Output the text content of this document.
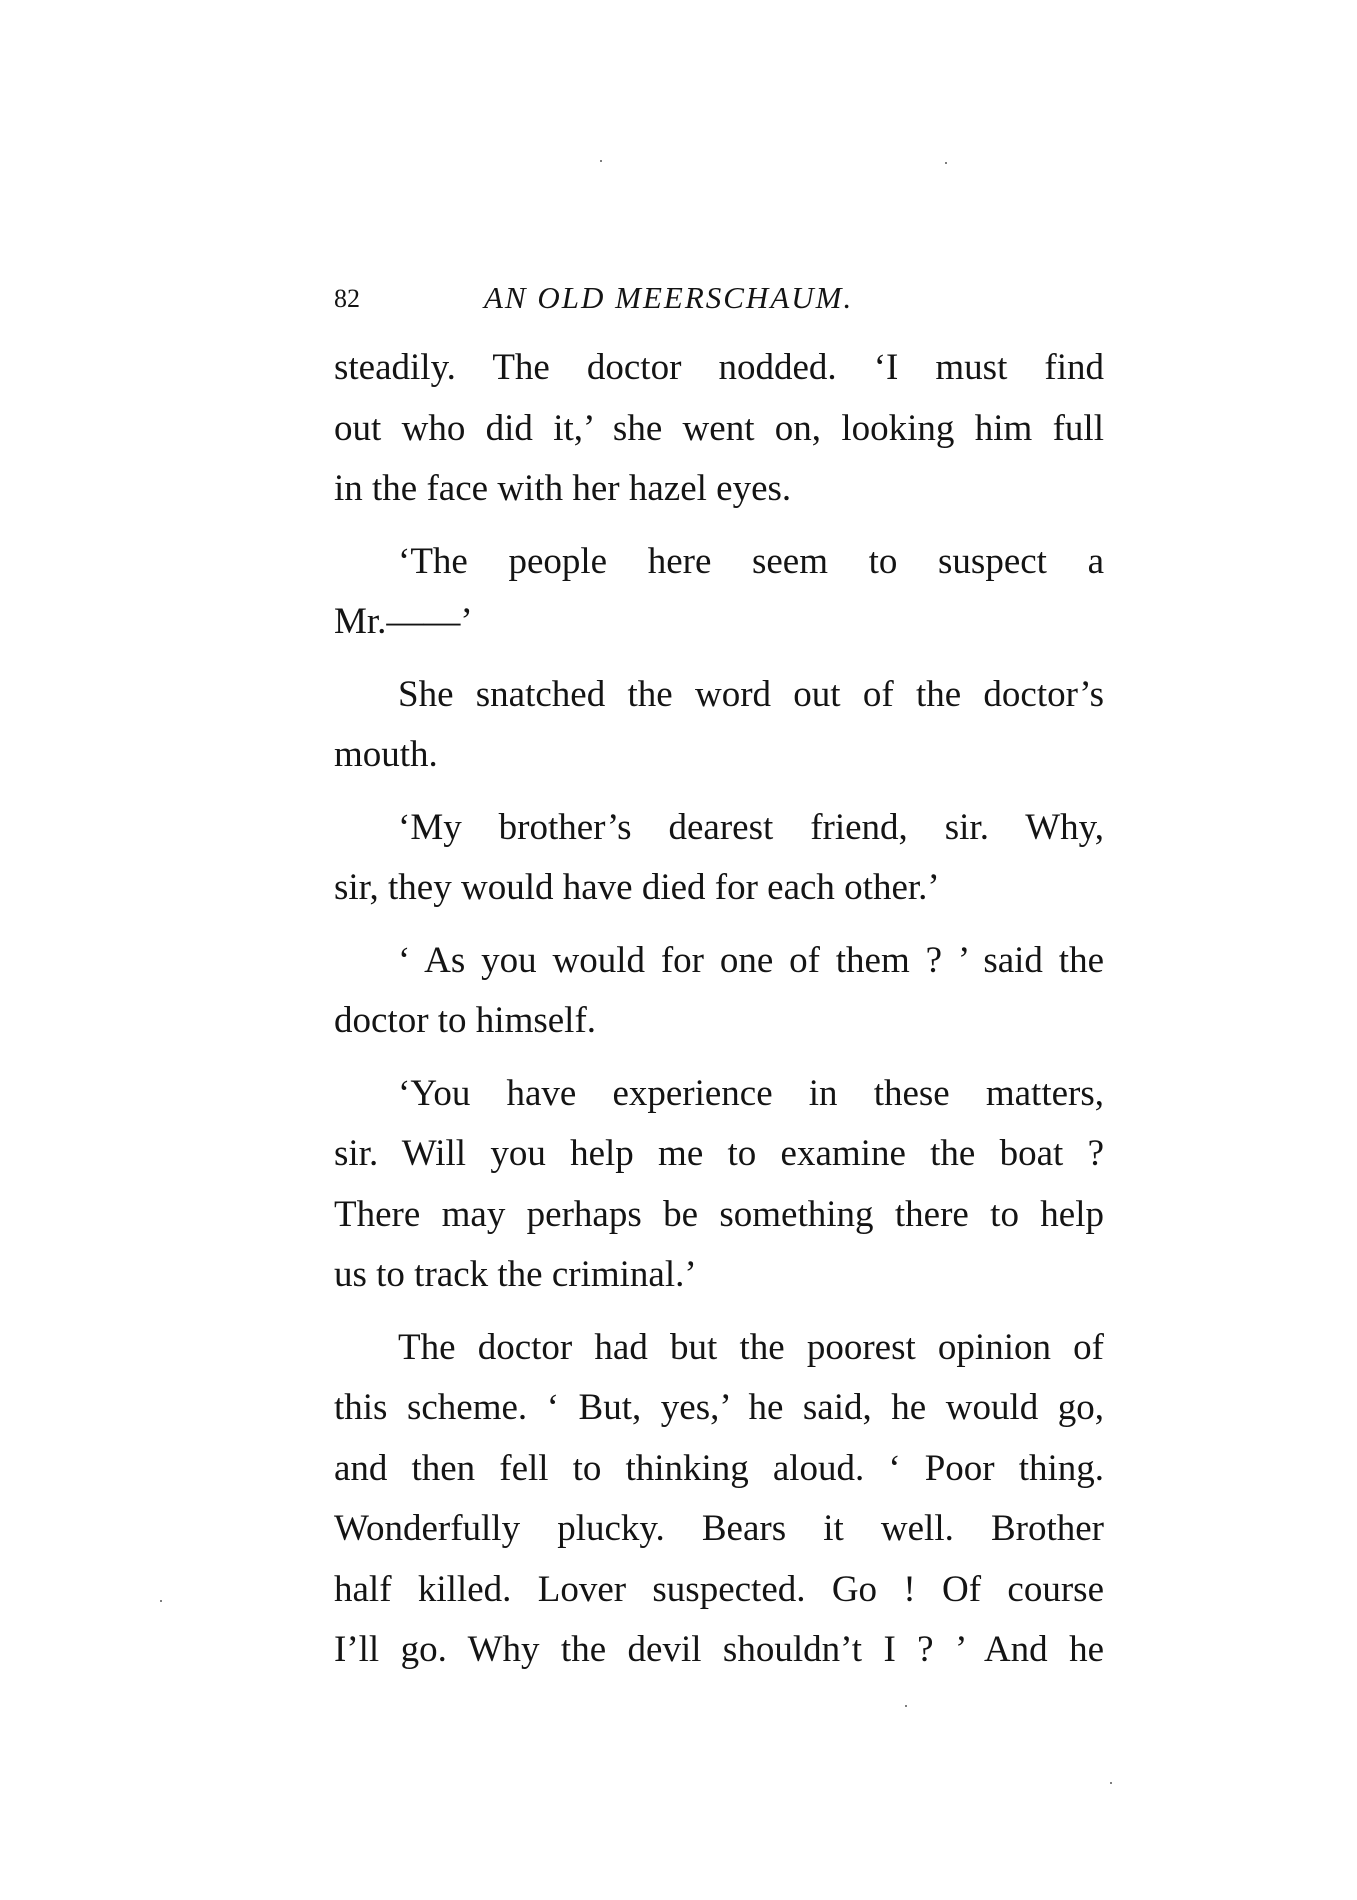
82	AN OLD MEERSCHAUM.
steadily. The doctor nodded. ‘I must find
out who did it,’ she went on, looking him full
in the face with her hazel eyes.
‘The people here seem to suspect a
Mr.——’
She snatched the word out of the doctor’s
mouth.
‘My brother’s dearest friend, sir. Why,
sir, they would have died for each other.’
‘ As you would for one of them ? ’ said the
doctor to himself.
‘You have experience in these matters,
sir. Will you help me to examine the boat ?
There may perhaps be something there to help
us to track the criminal.’
The doctor had but the poorest opinion of
this scheme. ‘ But, yes,’ he said, he would go,
and then fell to thinking aloud. ‘ Poor thing.
Wonderfully plucky. Bears it well. Brother
half killed. Lover suspected. Go ! Of course
I’ll go. Why the devil shouldn’t I ? ’ And he
